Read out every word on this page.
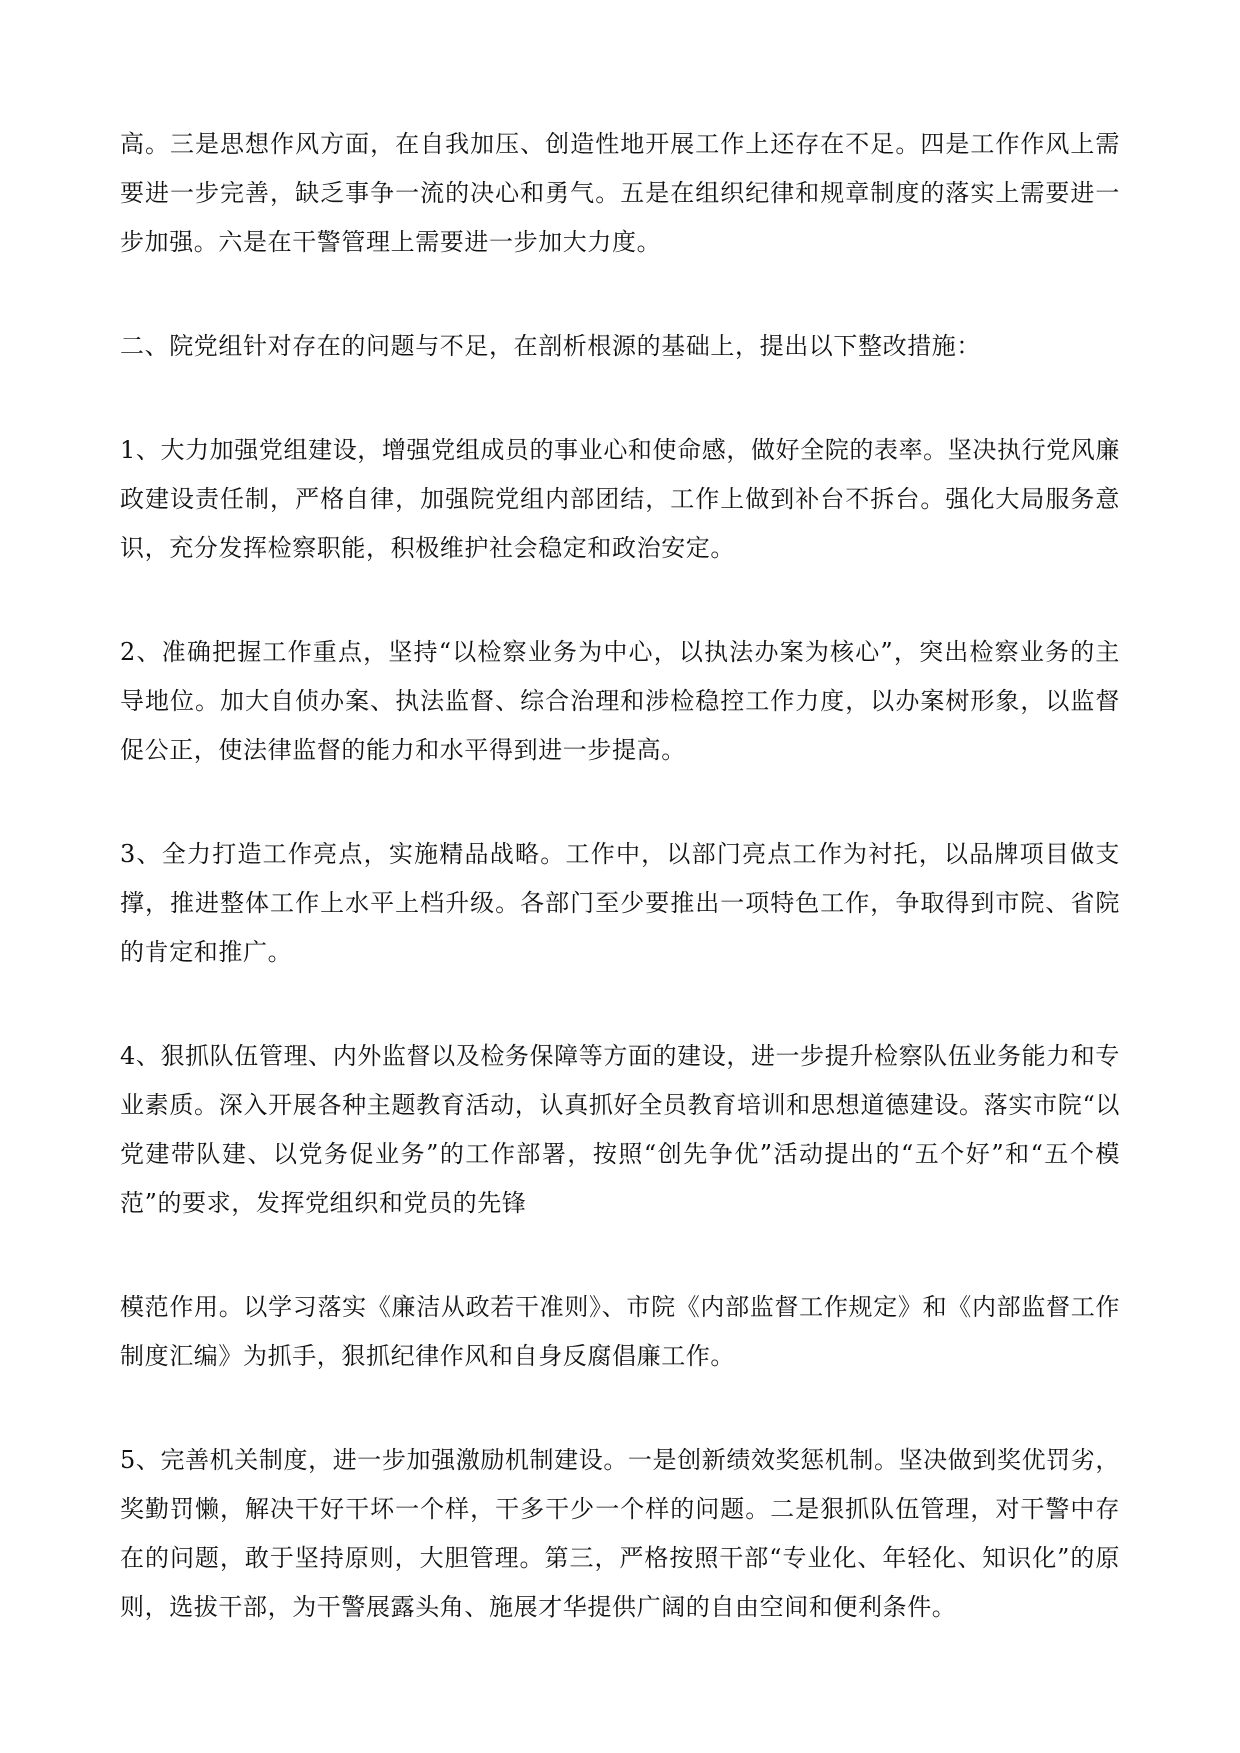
高。三是思想作风方面，在自我加压、创造性地开展工作上还存在不足。四是工作作风上需要进一步完善，缺乏事争一流的决心和勇气。五是在组织纪律和规章制度的落实上需要进一步加强。六是在干警管理上需要进一步加大力度。

二、院党组针对存在的问题与不足，在剖析根源的基础上，提出以下整改措施：

1、大力加强党组建设，增强党组成员的事业心和使命感，做好全院的表率。坚决执行党风廉政建设责任制，严格自律，加强院党组内部团结，工作上做到补台不拆台。强化大局服务意识，充分发挥检察职能，积极维护社会稳定和政治安定。

2、准确把握工作重点，坚持“以检察业务为中心，以执法办案为核心”，突出检察业务的主导地位。加大自侦办案、执法监督、综合治理和涉检稳控工作力度，以办案树形象，以监督促公正，使法律监督的能力和水平得到进一步提高。

3、全力打造工作亮点，实施精品战略。工作中，以部门亮点工作为衬托，以品牌项目做支撑，推进整体工作上水平上档升级。各部门至少要推出一项特色工作，争取得到市院、省院的肯定和推广。

4、狠抓队伍管理、内外监督以及检务保障等方面的建设，进一步提升检察队伍业务能力和专业素质。深入开展各种主题教育活动，认真抓好全员教育培训和思想道德建设。落实市院“以党建带队建、以党务促业务”的工作部署，按照“创先争优”活动提出的“五个好”和“五个模范”的要求，发挥党组织和党员的先锋

模范作用。以学习落实《廉洁从政若干准则》、市院《内部监督工作规定》和《内部监督工作制度汇编》为抓手，狠抓纪律作风和自身反腐倡廉工作。

5、完善机关制度，进一步加强激励机制建设。一是创新绩效奖惩机制。坚决做到奖优罚劣，奖勤罚懒，解决干好干坏一个样，干多干少一个样的问题。二是狠抓队伍管理，对干警中存在的问题，敢于坚持原则，大胆管理。第三，严格按照干部“专业化、年轻化、知识化”的原则，选拔干部，为干警展露头角、施展才华提供广阔的自由空间和便利条件。
